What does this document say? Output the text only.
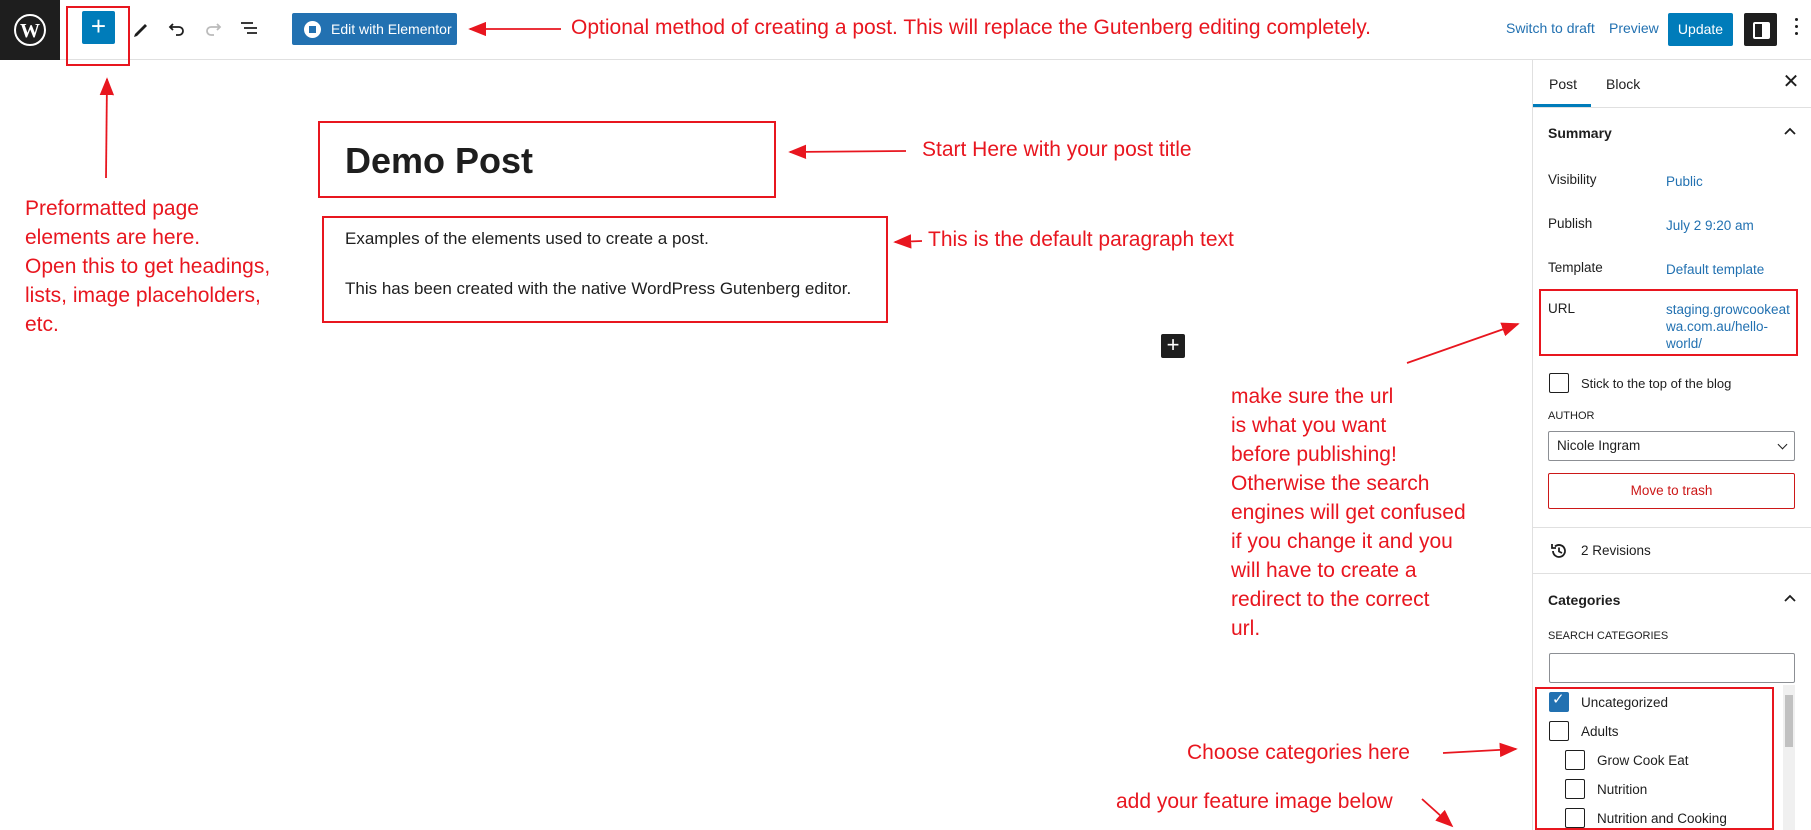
W	+	Edit with Elementor	Switch to draft Preview	Update
Demo Post
Examples of the elements used to create a post.
This has been created with the native WordPress Gutenberg editor.
+
Post Block	✕
Summary
Visibility	Public
Publish	July 2 9:20 am
Template	Default template
URL	staging.growcookeat
wa.com.au/hello-
world/
Stick to the top of the blog
AUTHOR
Nicole Ingram
Move to trash
2 Revisions
Categories
SEARCH CATEGORIES
✓
Uncategorized
Adults
Grow Cook Eat
Nutrition
Nutrition and Cooking
Optional method of creating a post. This will replace the Gutenberg editing completely.
Start Here with your post title
This is the default paragraph text
Preformatted page
elements are here.
Open this to get headings,
lists, image placeholders,
etc.
make sure the url
is what you want
before publishing!
Otherwise the search
engines will get confused
if you change it and you
will have to create a
redirect to the correct
url.
Choose categories here
add your feature image below
